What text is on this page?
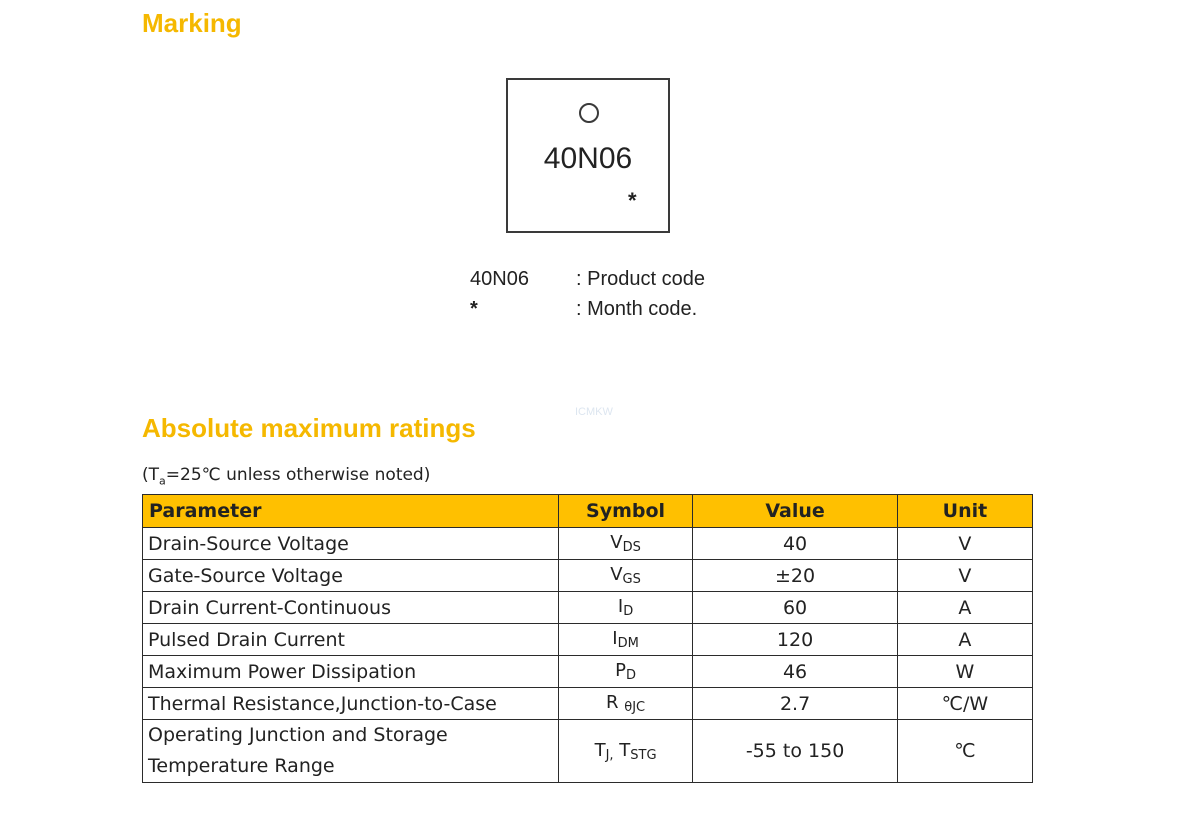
Marking
40N06
*
40N06	: Product code
*	: Month code.
ICMKW
Absolute maximum ratings
($T_a=25℃$ unless otherwise noted)
Parameter	Symbol	Value	Unit
Drain-Source Voltage	$V_{DS}$	40	V
Gate-Source Voltage	$V_{GS}$	±20	V
Drain Current-Continuous	$I_D$	60	A
Pulsed Drain Current	$I_{DM}$	120	A
Maximum Power Dissipation	$P_D$	46	W
Thermal Resistance,Junction-to-Case	R $_{\theta JC}$	2.7	℃/W
Operating Junction and Storage
Temperature Range	$T_{J,}$ $T_{STG}$	-55 to 150	℃
